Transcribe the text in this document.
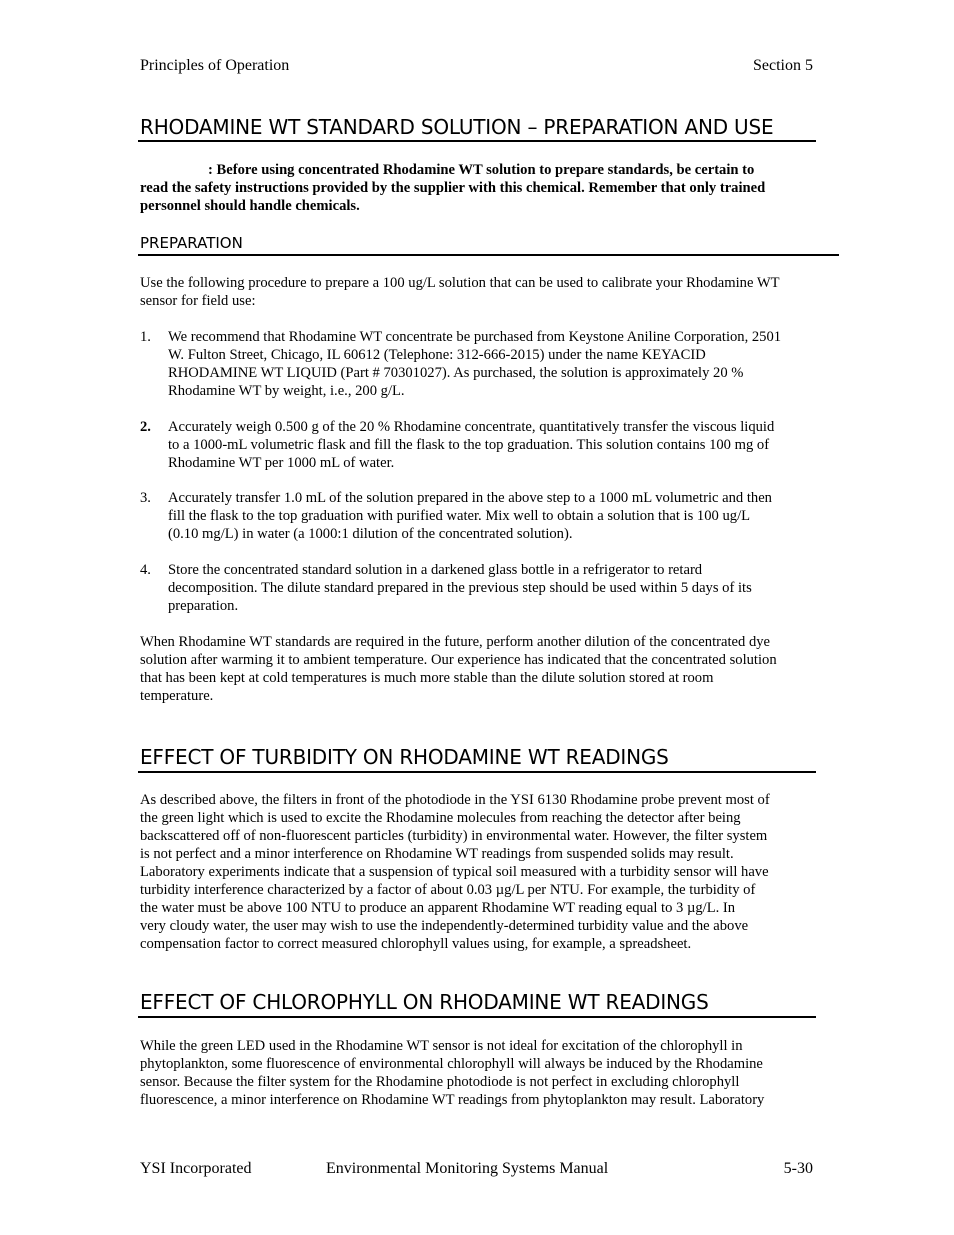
Principles of Operation	Section 5
RHODAMINE WT STANDARD SOLUTION – PREPARATION AND USE
: Before using concentrated Rhodamine WT solution to prepare standards, be certain to
read the safety instructions provided by the supplier with this chemical. Remember that only trained
personnel should handle chemicals.
PREPARATION
Use the following procedure to prepare a 100 ug/L solution that can be used to calibrate your Rhodamine WT
sensor for field use:
1. We recommend that Rhodamine WT concentrate be purchased from Keystone Aniline Corporation, 2501
W. Fulton Street, Chicago, IL 60612 (Telephone: 312-666-2015) under the name KEYACID
RHODAMINE WT LIQUID (Part # 70301027). As purchased, the solution is approximately 20 %
Rhodamine WT by weight, i.e., 200 g/L.
2. Accurately weigh 0.500 g of the 20 % Rhodamine concentrate, quantitatively transfer the viscous liquid
to a 1000-mL volumetric flask and fill the flask to the top graduation. This solution contains 100 mg of
Rhodamine WT per 1000 mL of water.
3. Accurately transfer 1.0 mL of the solution prepared in the above step to a 1000 mL volumetric and then
fill the flask to the top graduation with purified water. Mix well to obtain a solution that is 100 ug/L
(0.10 mg/L) in water (a 1000:1 dilution of the concentrated solution).
4. Store the concentrated standard solution in a darkened glass bottle in a refrigerator to retard
decomposition. The dilute standard prepared in the previous step should be used within 5 days of its
preparation.
When Rhodamine WT standards are required in the future, perform another dilution of the concentrated dye
solution after warming it to ambient temperature. Our experience has indicated that the concentrated solution
that has been kept at cold temperatures is much more stable than the dilute solution stored at room
temperature.
EFFECT OF TURBIDITY ON RHODAMINE WT READINGS
As described above, the filters in front of the photodiode in the YSI 6130 Rhodamine probe prevent most of
the green light which is used to excite the Rhodamine molecules from reaching the detector after being
backscattered off of non-fluorescent particles (turbidity) in environmental water. However, the filter system
is not perfect and a minor interference on Rhodamine WT readings from suspended solids may result.
Laboratory experiments indicate that a suspension of typical soil measured with a turbidity sensor will have
turbidity interference characterized by a factor of about 0.03 µg/L per NTU. For example, the turbidity of
the water must be above 100 NTU to produce an apparent Rhodamine WT reading equal to 3 µg/L. In
very cloudy water, the user may wish to use the independently-determined turbidity value and the above
compensation factor to correct measured chlorophyll values using, for example, a spreadsheet.
EFFECT OF CHLOROPHYLL ON RHODAMINE WT READINGS
While the green LED used in the Rhodamine WT sensor is not ideal for excitation of the chlorophyll in
phytoplankton, some fluorescence of environmental chlorophyll will always be induced by the Rhodamine
sensor. Because the filter system for the Rhodamine photodiode is not perfect in excluding chlorophyll
fluorescence, a minor interference on Rhodamine WT readings from phytoplankton may result. Laboratory
YSI Incorporated	Environmental Monitoring Systems Manual	5-30
